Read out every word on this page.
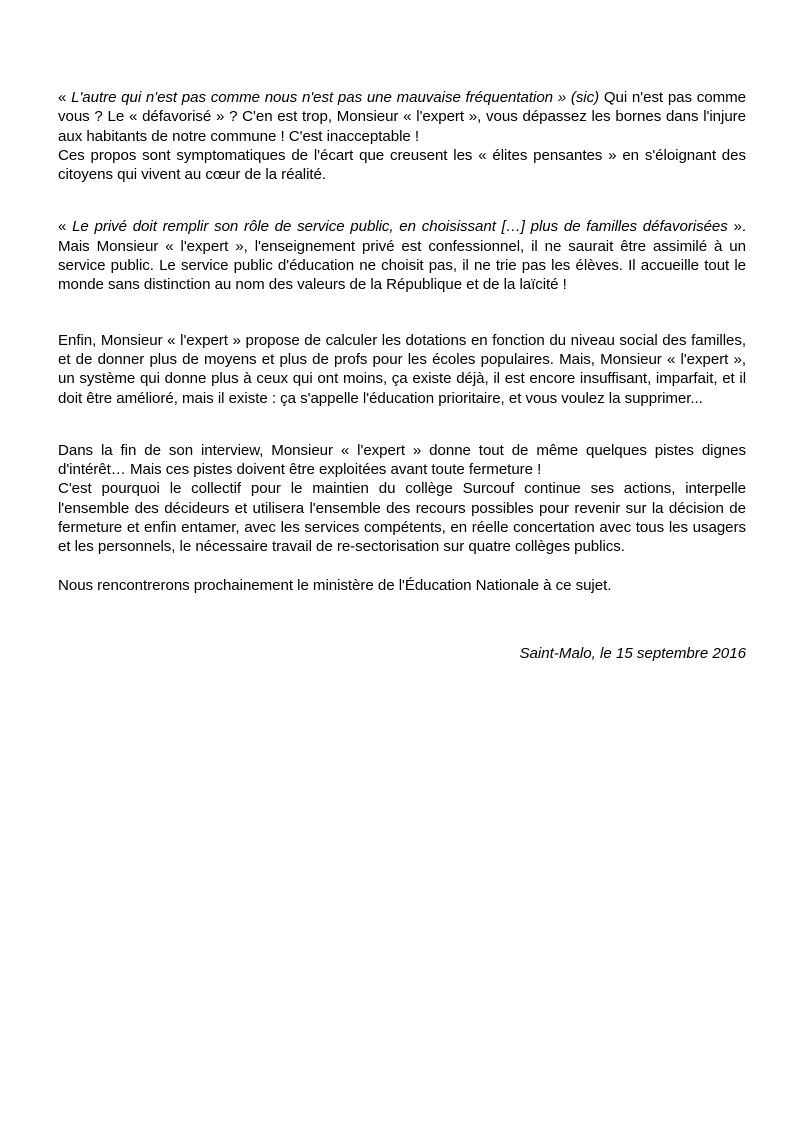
« L'autre qui n'est pas comme nous n'est pas une mauvaise fréquentation » (sic) Qui n'est pas comme vous ? Le « défavorisé » ? C'en est trop, Monsieur « l'expert », vous dépassez les bornes dans l'injure aux habitants de notre commune ! C'est inacceptable !

Ces propos sont symptomatiques de l'écart que creusent les « élites pensantes » en s'éloignant des citoyens qui vivent au cœur de la réalité.

« Le privé doit remplir son rôle de service public, en choisissant […] plus de familles défavorisées ». Mais Monsieur « l'expert », l'enseignement privé est confessionnel, il ne saurait être assimilé à un service public. Le service public d'éducation ne choisit pas, il ne trie pas les élèves. Il accueille tout le monde sans distinction au nom des valeurs de la République et de la laïcité !

Enfin, Monsieur « l'expert » propose de calculer les dotations en fonction du niveau social des familles, et de donner plus de moyens et plus de profs pour les écoles populaires. Mais, Monsieur « l'expert », un système qui donne plus à ceux qui ont moins, ça existe déjà, il est encore insuffisant, imparfait, et il doit être amélioré, mais il existe : ça s'appelle l'éducation prioritaire, et vous voulez la supprimer...

Dans la fin de son interview, Monsieur « l'expert » donne tout de même quelques pistes dignes d'intérêt… Mais ces pistes doivent être exploitées avant toute fermeture !

C'est pourquoi le collectif pour le maintien du collège Surcouf continue ses actions, interpelle l'ensemble des décideurs et utilisera l'ensemble des recours possibles pour revenir sur la décision de fermeture et enfin entamer, avec les services compétents, en réelle concertation avec tous les usagers et les personnels, le nécessaire travail de re-sectorisation sur quatre collèges publics.

Nous rencontrerons prochainement le ministère de l'Éducation Nationale à ce sujet.

Saint-Malo, le 15 septembre 2016
